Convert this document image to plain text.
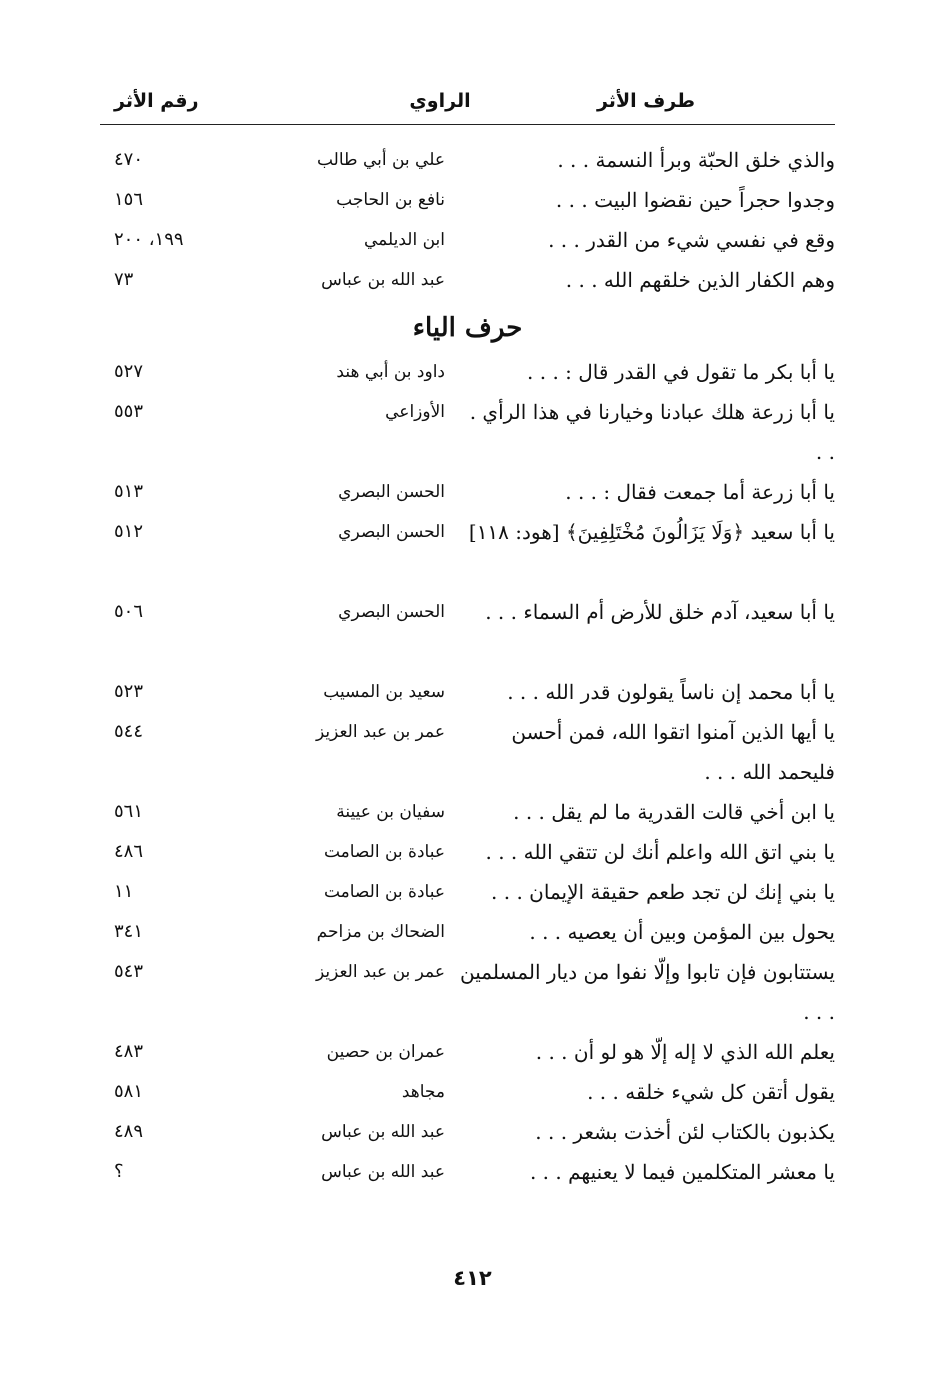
طرف الأثر
الراوي
رقم الأثر
والذي خلق الحبّة وبرأ النسمة . . .
علي بن أبي طالب
٤٧٠
وجدوا حجراً حين نقضوا البيت . . .
نافع بن الحاجب
١٥٦
وقع في نفسي شيء من القدر . . .
ابن الديلمي
١٩٩، ٢٠٠
وهم الكفار الذين خلقهم الله . . .
عبد الله بن عباس
٧٣
حرف الياء
يا أبا بكر ما تقول في القدر قال : . . .
داود بن أبي هند
٥٢٧
يا أبا زرعة هلك عبادنا وخيارنا في هذا الرأي . . .
الأوزاعي
٥٥٣
يا أبا زرعة أما جمعت فقال : . . .
الحسن البصري
٥١٣
يا أبا سعيد ﴿وَلَا يَزَالُونَ مُخْتَلِفِينَ﴾ [هود: ١١٨]
الحسن البصري
٥١٢
يا أبا سعيد، آدم خلق للأرض أم السماء . . .
الحسن البصري
٥٠٦
يا أبا محمد إن ناساً يقولون قدر الله . . .
سعيد بن المسيب
٥٢٣
يا أيها الذين آمنوا اتقوا الله، فمن أحسن فليحمد الله . . .
عمر بن عبد العزيز
٥٤٤
يا ابن أخي قالت القدرية ما لم يقل . . .
سفيان بن عيينة
٥٦١
يا بني اتق الله واعلم أنك لن تتقي الله . . .
عبادة بن الصامت
٤٨٦
يا بني إنك لن تجد طعم حقيقة الإيمان . . .
عبادة بن الصامت
١١
يحول بين المؤمن وبين أن يعصيه . . .
الضحاك بن مزاحم
٣٤١
يستتابون فإن تابوا وإلّا نفوا من ديار المسلمين . . .
عمر بن عبد العزيز
٥٤٣
يعلم الله الذي لا إله إلّا هو لو أن . . .
عمران بن حصين
٤٨٣
يقول أتقن كل شيء خلقه . . .
مجاهد
٥٨١
يكذبون بالكتاب لئن أخذت بشعر . . .
عبد الله بن عباس
٤٨٩
يا معشر المتكلمين فيما لا يعنيهم . . .
عبد الله بن عباس
؟
٤١٢
